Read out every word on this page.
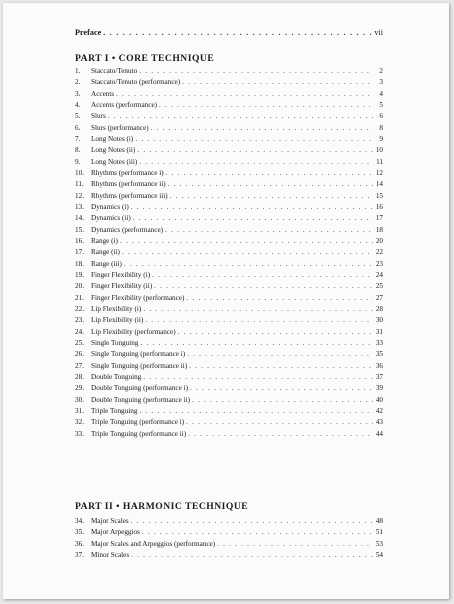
Preface . . .	vii
PART I • CORE TECHNIQUE
1.	Staccato/Tenuto . . .	2
2.	Staccato/Tenuto (performance) . . .	3
3.	Accents . . .	4
4.	Accents (performance) . . .	5
5.	Slurs . . .	6
6.	Slurs (performance) . . .	8
7.	Long Notes (i) . . .	9
8.	Long Notes (ii) . . .	10
9.	Long Notes (iii) . . .	11
10. Rhythms (performance i) . . .	12
11.	Rhythms (performance ii) . . .	14
12. Rhythms (performance iii) . . .	15
13. Dynamics (i) . . .	16
14. Dynamics (ii) . . .	17
15. Dynamics (performance) . . .	18
16. Range (i) . . .	20
17. Range (ii) . . .	22
18. Range (iii) . . .	23
19. Finger Flexibility (i) . . .	24
20. Finger Flexibility (ii) . . .	25
21. Finger Flexibility (performance) . . .	27
22. Lip Flexibility (i) . . .	28
23. Lip Flexibility (ii) . . .	30
24. Lip Flexibility (performance) . . .	31
25. Single Tonguing . . .	33
26. Single Tonguing (performance i) . . .	35
27. Single Tonguing (performance ii) . . .	36
28. Double Tonguing . . .	37
29. Double Tonguing (performance i) . . .	39
30. Double Tonguing (performance ii) . . .	40
31. Triple Tonguing . . .	42
32. Triple Tonguing (performance i) . . .	43
33. Triple Tonguing (performance ii) . . .	44
PART II • HARMONIC TECHNIQUE
34. Major Scales . . .	48
35. Major Arpeggios . . .	51
36. Major Scales and Arpeggios (performance) . . .	53
37. Minor Scales . . .	54
